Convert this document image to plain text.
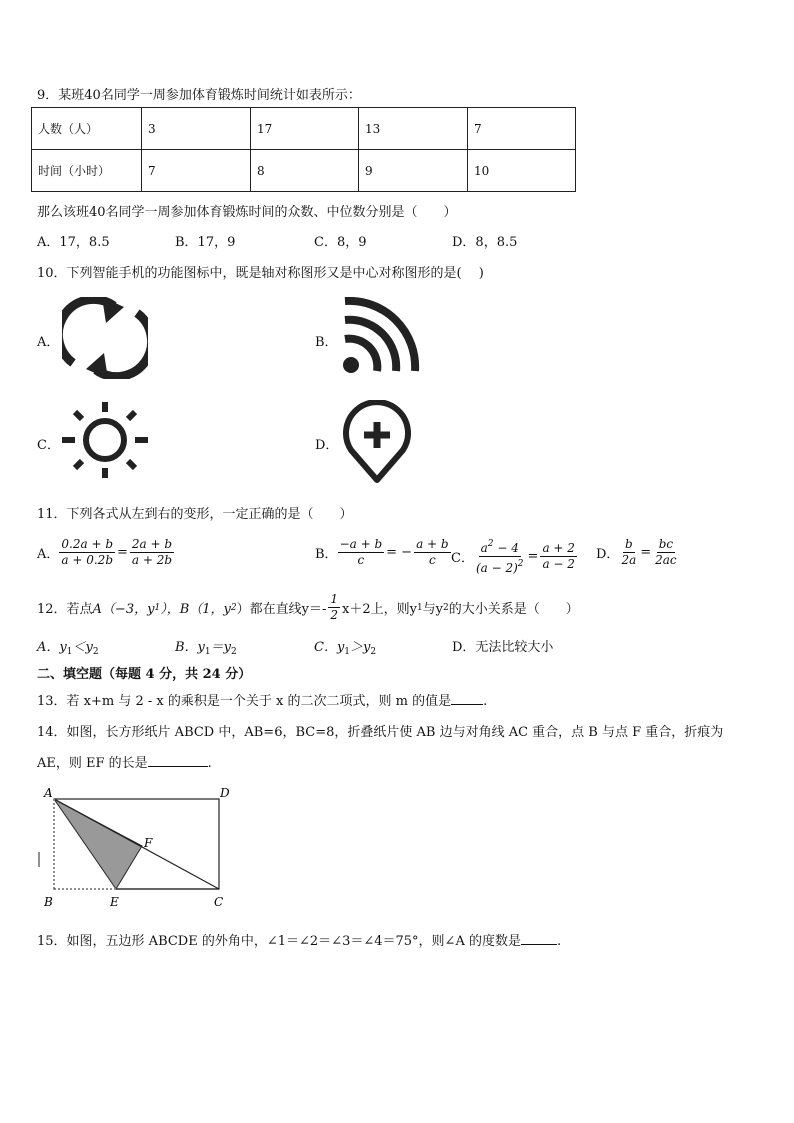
9．某班40名同学一周参加体育锻炼时间统计如表所示：
人数（人）	3	17	13	7
时间（小时）	7	8	9	10
那么该班40名同学一周参加体育锻炼时间的众数、中位数分别是（　　）
A．17，8.5	B．17，9	C．8，9	D．8，8.5
10．下列智能手机的功能图标中，既是轴对称图形又是中心对称图形的是(　 )
A．	B．
C．	D．
11．下列各式从左到右的变形，一定正确的是（　　）
A． $\frac{0.2a + b}{a + 0.2b} = \frac{2a + b}{a + 2b}$	B． $\frac{-a + b}{c}$ = − $\frac{a + b}{c}$ C． $\frac{a^2 - 4}{(a - 2)^2} = \frac{a + 2}{a - 2}$ D． $\frac{b}{2a} = \frac{bc}{2ac}$
12．若点 A（−3，y 1 ），B（1，y 2 ）都在直线$y=- \frac{1}{2} x+2$上，则y 1 与y 2 的大小关系是（　　）
A．$y_1<y_2$	B．$y_1=y_2$	C．$y_1>y_2$	D．无法比较大小
二、填空题（每题 4 分，共 24 分）
13．若 x+m 与 2 - x 的乘积是一个关于 x 的二次二项式，则 m 的值是 .
14．如图，长方形纸片 ABCD 中，AB=6，BC=8，折叠纸片使 AB 边与对角线 AC 重合，点 B 与点 F 重合，折痕为
AE，则 EF 的长是	.
A	D
F
B	E	C
15．如图，五边形 ABCDE 的外角中，∠1＝∠2＝∠3＝∠4＝75°，则∠A 的度数是	.
